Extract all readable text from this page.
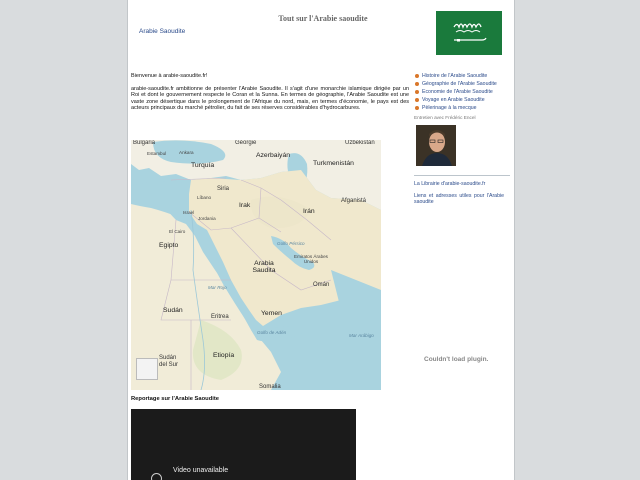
Tout sur l'Arabie saoudite
Arabie Saoudite

Bienvenue à arabie-saoudite.fr!

arabie-saoudite.fr ambitionne de présenter l'Arabie Saoudite. Il s'agit d'une monarchie islamique dirigée par un Roi et dont le gouvernement respecte le Coran et la Sunna. En termes de géographie, l'Arabie Saoudite est une vaste zone désertique dans le prolongement de l'Afrique du nord, mais, en termes d'économie, le pays est des acteurs principaux du marché pétrolier, du fait de ses réserves considérables d'hydrocarbures.

Bulgaria	Géorgie	Uzbekistán
Estambul	Ankara	Azerbaiyán
Turquía	Turkmenistán
Siria
Líbano
Irak
Afganistá
Israel
Jordania
Irán
El Cairo
Egipto	Golfo Pérsico
Emiratos Árabes Unidos
Arabia Saudita
Mar Rojo	Omán
Yemen
Sudán
Eritrea
Golfo de Adén
Mar Arábigo
Sudán del Sur
Etiopía
Somalia
Reportage sur l'Arabie Saoudite
Video unavailable
Histoire de l'Arabie Saoudite
Géographie de l'Arabie Saoudite
Economie de l'Arabie Saoudite
Voyage en Arabie Saoudite
Pèlerinage à la mecque
Entretien avec Frédéric Encel
La Librairie d'arabie-saoudite.fr
Liens et adresses utiles pour l'Arabie saoudite
Couldn't load plugin.
